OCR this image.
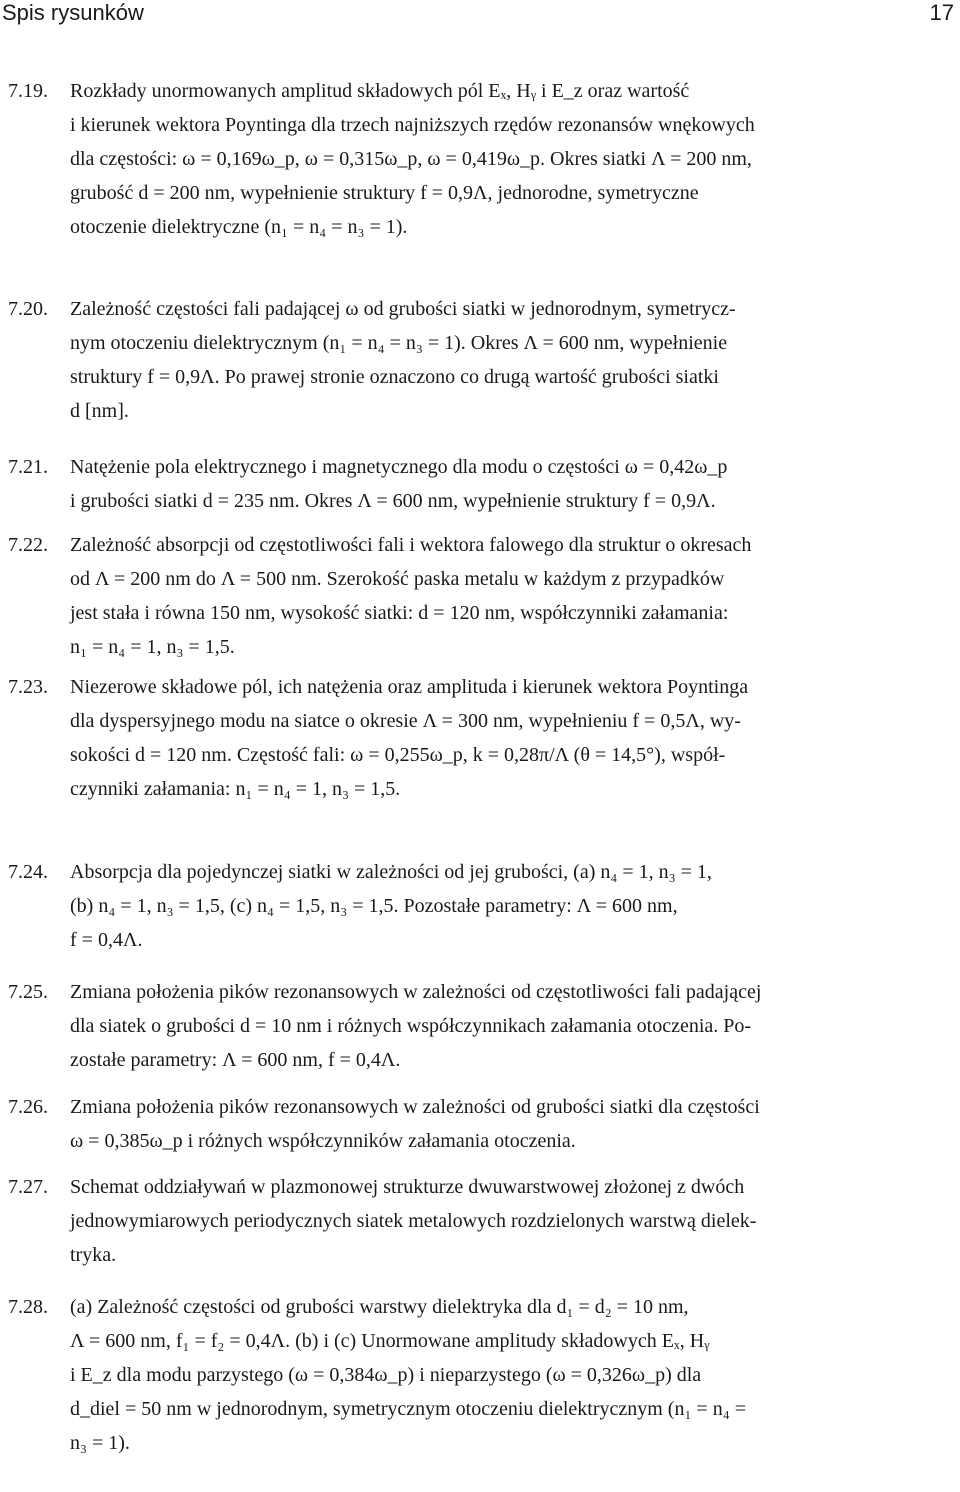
Spis rysunków	17
7.19.	Rozkłady unormowanych amplitud składowych pól Eₓ, Hᵧ i E_z oraz wartość
i kierunek wektora Poyntinga dla trzech najniższych rzędów rezonansów wnękowych
dla częstości: ω = 0,169ω_p, ω = 0,315ω_p, ω = 0,419ω_p. Okres siatki Λ = 200 nm,
grubość d = 200 nm, wypełnienie struktury f = 0,9Λ, jednorodne, symetryczne
otoczenie dielektryczne (n₁ = n₄ = n₃ = 1).
7.20.	Zależność częstości fali padającej ω od grubości siatki w jednorodnym, symetrycz-
nym otoczeniu dielektrycznym (n₁ = n₄ = n₃ = 1). Okres Λ = 600 nm, wypełnienie
struktury f = 0,9Λ. Po prawej stronie oznaczono co drugą wartość grubości siatki
d [nm].
7.21.	Natężenie pola elektrycznego i magnetycznego dla modu o częstości ω = 0,42ω_p
i grubości siatki d = 235 nm. Okres Λ = 600 nm, wypełnienie struktury f = 0,9Λ.
7.22.	Zależność absorpcji od częstotliwości fali i wektora falowego dla struktur o okresach
od Λ = 200 nm do Λ = 500 nm. Szerokość paska metalu w każdym z przypadków
jest stała i równa 150 nm, wysokość siatki: d = 120 nm, współczynniki załamania:
n₁ = n₄ = 1, n₃ = 1,5.
7.23.	Niezerowe składowe pól, ich natężenia oraz amplituda i kierunek wektora Poyntinga
dla dyspersyjnego modu na siatce o okresie Λ = 300 nm, wypełnieniu f = 0,5Λ, wy-
sokości d = 120 nm. Częstość fali: ω = 0,255ω_p, k = 0,28π/Λ (θ = 14,5°), współ-
czynniki załamania: n₁ = n₄ = 1, n₃ = 1,5.
7.24.	Absorpcja dla pojedynczej siatki w zależności od jej grubości, (a) n₄ = 1, n₃ = 1,
(b) n₄ = 1, n₃ = 1,5, (c) n₄ = 1,5, n₃ = 1,5. Pozostałe parametry: Λ = 600 nm,
f = 0,4Λ.
7.25.	Zmiana położenia pików rezonansowych w zależności od częstotliwości fali padającej
dla siatek o grubości d = 10 nm i różnych współczynnikach załamania otoczenia. Po-
zostałe parametry: Λ = 600 nm, f = 0,4Λ.
7.26.	Zmiana położenia pików rezonansowych w zależności od grubości siatki dla częstości
ω = 0,385ω_p i różnych współczynników załamania otoczenia.
7.27.	Schemat oddziaływań w plazmonowej strukturze dwuwarstwowej złożonej z dwóch
jednowymiarowych periodycznych siatek metalowych rozdzielonych warstwą dielek-
tryka.
7.28.	(a) Zależność częstości od grubości warstwy dielektryka dla d₁ = d₂ = 10 nm,
Λ = 600 nm, f₁ = f₂ = 0,4Λ. (b) i (c) Unormowane amplitudy składowych Eₓ, Hᵧ
i E_z dla modu parzystego (ω = 0,384ω_p) i nieparzystego (ω = 0,326ω_p) dla
d_diel = 50 nm w jednorodnym, symetrycznym otoczeniu dielektrycznym (n₁ = n₄ =
n₃ = 1).
